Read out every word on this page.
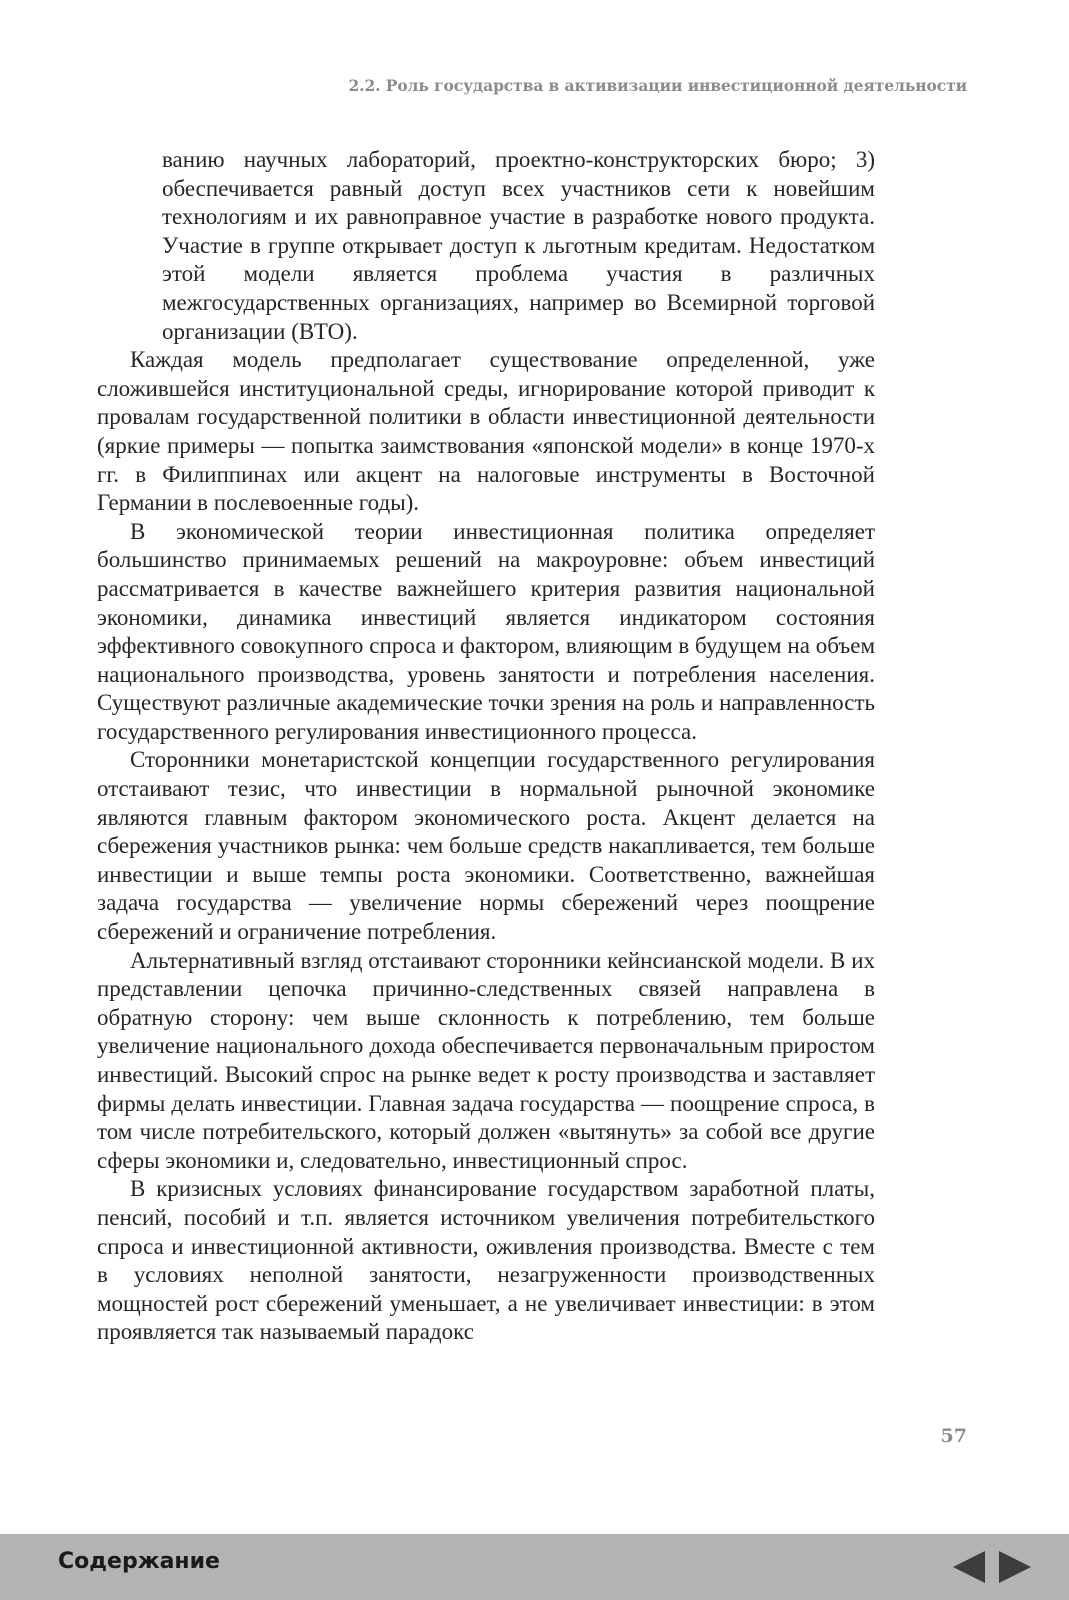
2.2. Роль государства в активизации инвестиционной деятельности

ванию научных лабораторий, проектно-конструкторских бюро; 3) обеспечивается равный доступ всех участников сети к новейшим технологиям и их равноправное участие в разработке нового продукта. Участие в группе открывает доступ к льготным кредитам. Недостатком этой модели является проблема участия в различных межгосударственных организациях, например во Всемирной торговой организации (ВТО).

Каждая модель предполагает существование определенной, уже сложившейся институциональной среды, игнорирование которой приводит к провалам государственной политики в области инвестиционной деятельности (яркие примеры — попытка заимствования «японской модели» в конце 1970-х гг. в Филиппинах или акцент на налоговые инструменты в Восточной Германии в послевоенные годы).

В экономической теории инвестиционная политика определяет большинство принимаемых решений на макроуровне: объем инвестиций рассматривается в качестве важнейшего критерия развития национальной экономики, динамика инвестиций является индикатором состояния эффективного совокупного спроса и фактором, влияющим в будущем на объем национального производства, уровень занятости и потребления населения. Существуют различные академические точки зрения на роль и направленность государственного регулирования инвестиционного процесса.

Сторонники монетаристской концепции государственного регулирования отстаивают тезис, что инвестиции в нормальной рыночной экономике являются главным фактором экономического роста. Акцент делается на сбережения участников рынка: чем больше средств накапливается, тем больше инвестиции и выше темпы роста экономики. Соответственно, важнейшая задача государства — увеличение нормы сбережений через поощрение сбережений и ограничение потребления.

Альтернативный взгляд отстаивают сторонники кейнсианской модели. В их представлении цепочка причинно-следственных связей направлена в обратную сторону: чем выше склонность к потреблению, тем больше увеличение национального дохода обеспечивается первоначальным приростом инвестиций. Высокий спрос на рынке ведет к росту производства и заставляет фирмы делать инвестиции. Главная задача государства — поощрение спроса, в том числе потребительского, который должен «вытянуть» за собой все другие сферы экономики и, следовательно, инвестиционный спрос.

В кризисных условиях финансирование государством заработной платы, пенсий, пособий и т.п. является источником увеличения потребительсткого спроса и инвестиционной активности, оживления производства. Вместе с тем в условиях неполной занятости, незагруженности производственных мощностей рост сбережений уменьшает, а не увеличивает инвестиции: в этом проявляется так называемый парадокс

57
Содержание
